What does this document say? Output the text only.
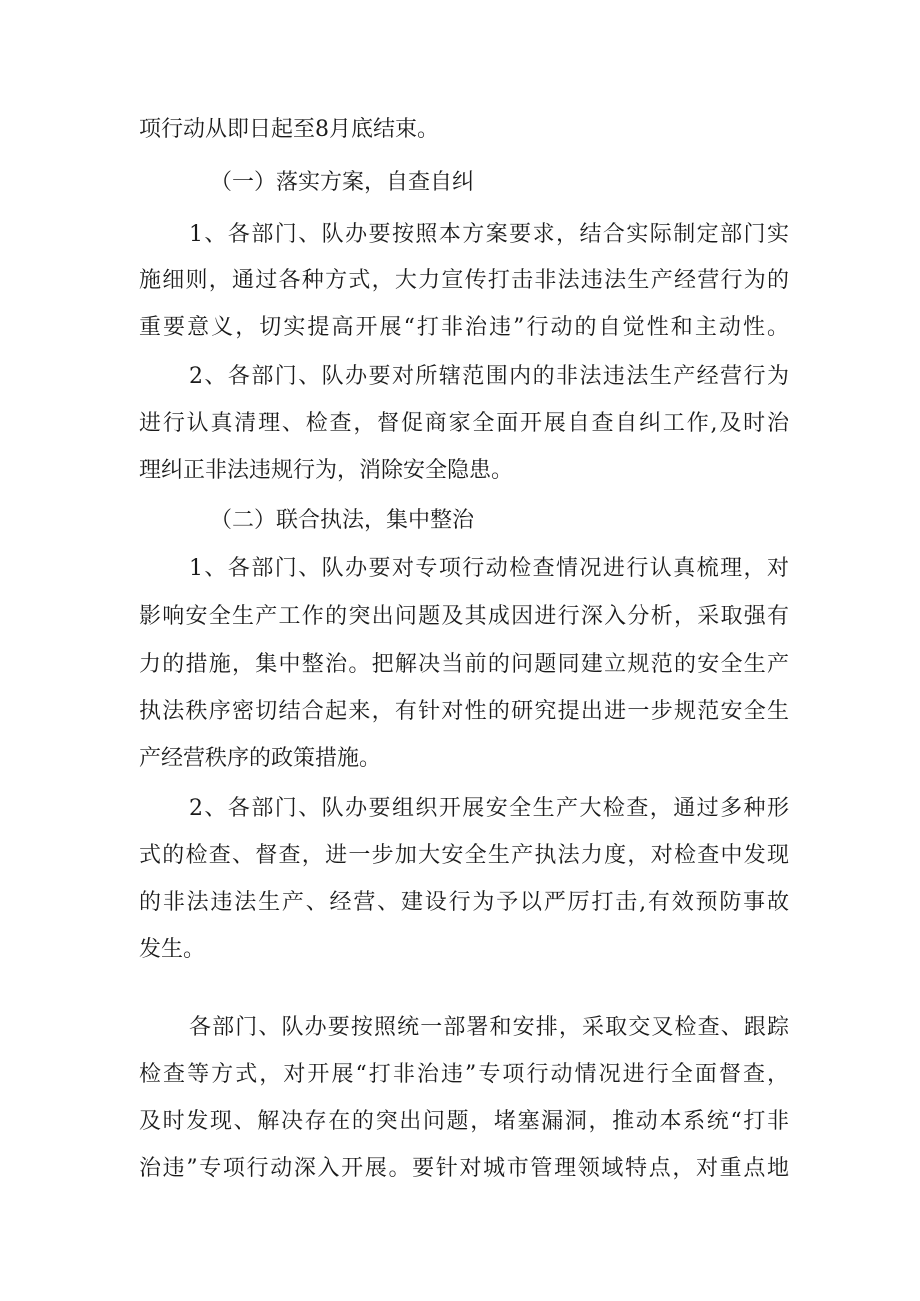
项行动从即日起至8月底结束。

（一）落实方案，自查自纠

1、各部门、队办要按照本方案要求，结合实际制定部门实

施细则，通过各种方式，大力宣传打击非法违法生产经营行为的

重要意义，切实提高开展“打非治违”行动的自觉性和主动性。

2、各部门、队办要对所辖范围内的非法违法生产经营行为

进行认真清理、检查，督促商家全面开展自查自纠工作,及时治

理纠正非法违规行为，消除安全隐患。

（二）联合执法，集中整治

1、各部门、队办要对专项行动检查情况进行认真梳理，对

影响安全生产工作的突出问题及其成因进行深入分析，采取强有

力的措施，集中整治。把解决当前的问题同建立规范的安全生产

执法秩序密切结合起来，有针对性的研究提出进一步规范安全生

产经营秩序的政策措施。

2、各部门、队办要组织开展安全生产大检查，通过多种形

式的检查、督查，进一步加大安全生产执法力度，对检查中发现

的非法违法生产、经营、建设行为予以严厉打击,有效预防事故

发生。

各部门、队办要按照统一部署和安排，采取交叉检查、跟踪

检查等方式，对开展“打非治违”专项行动情况进行全面督查，

及时发现、解决存在的突出问题，堵塞漏洞，推动本系统“打非

治违”专项行动深入开展。要针对城市管理领域特点，对重点地
